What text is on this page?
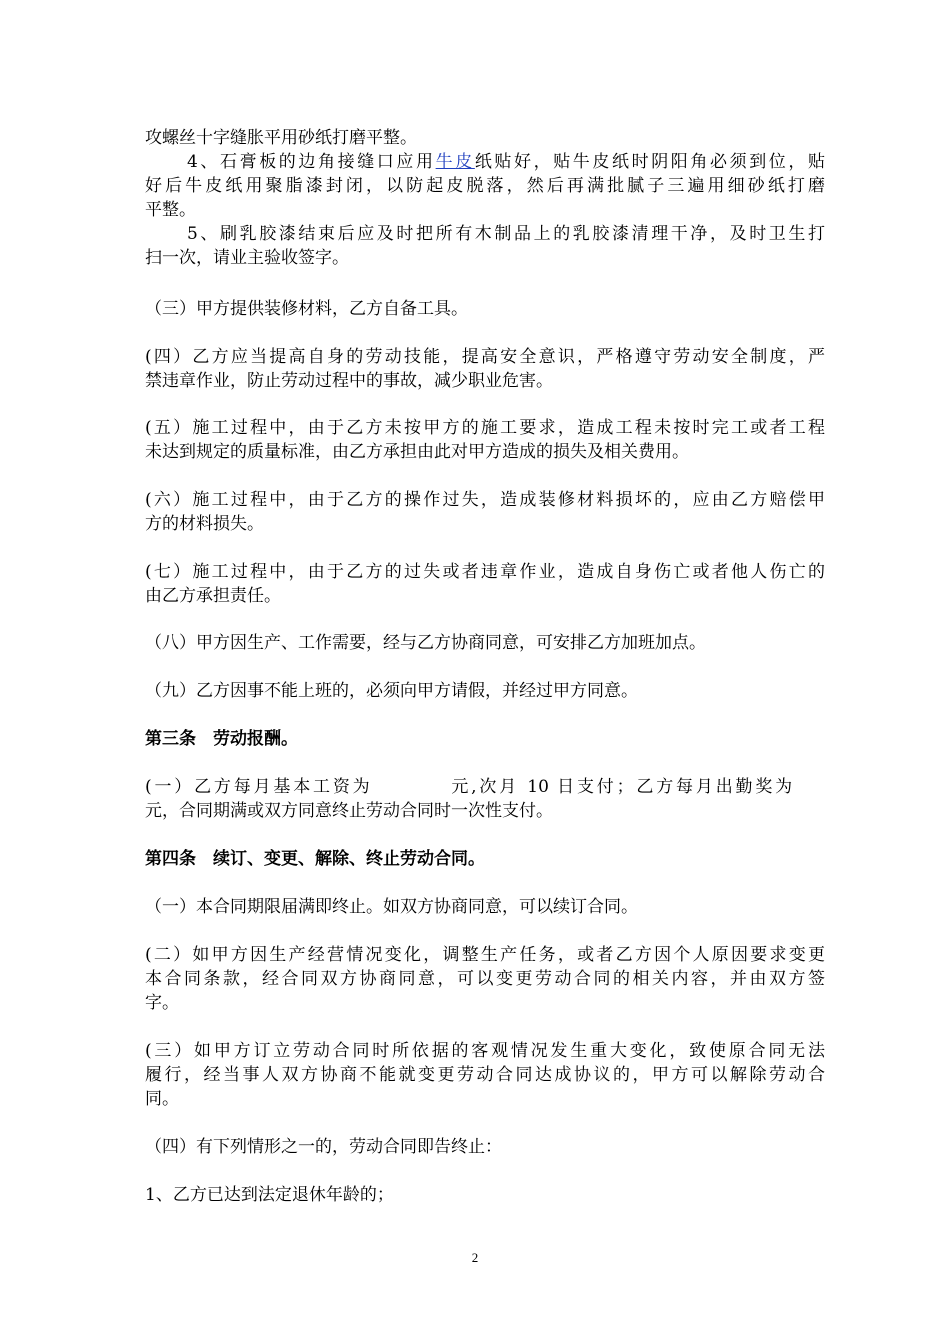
攻螺丝十字缝胀平用砂纸打磨平整。
4、石膏板的边角接缝口应用牛皮纸贴好，贴牛皮纸时阴阳角必须到位，贴
好后牛皮纸用聚脂漆封闭，以防起皮脱落，然后再满批腻子三遍用细砂纸打磨
平整。
5、刷乳胶漆结束后应及时把所有木制品上的乳胶漆清理干净，及时卫生打
扫一次，请业主验收签字。
（三）甲方提供装修材料，乙方自备工具。
(四）乙方应当提高自身的劳动技能，提高安全意识，严格遵守劳动安全制度，严
禁违章作业，防止劳动过程中的事故，减少职业危害。
(五）施工过程中，由于乙方未按甲方的施工要求，造成工程未按时完工或者工程
未达到规定的质量标准，由乙方承担由此对甲方造成的损失及相关费用。
(六）施工过程中，由于乙方的操作过失，造成装修材料损坏的，应由乙方赔偿甲
方的材料损失。
(七）施工过程中，由于乙方的过失或者违章作业，造成自身伤亡或者他人伤亡的
由乙方承担责任。
（八）甲方因生产、工作需要，经与乙方协商同意，可安排乙方加班加点。
（九）乙方因事不能上班的，必须向甲方请假，并经过甲方同意。
第三条　劳动报酬。
(一）乙方每月基本工资为	元,次月 10 日支付；乙方每月出勤奖为
元，合同期满或双方同意终止劳动合同时一次性支付。
第四条　续订、变更、解除、终止劳动合同。
（一）本合同期限届满即终止。如双方协商同意，可以续订合同。
(二）如甲方因生产经营情况变化，调整生产任务，或者乙方因个人原因要求变更
本合同条款，经合同双方协商同意，可以变更劳动合同的相关内容，并由双方签
字。
(三）如甲方订立劳动合同时所依据的客观情况发生重大变化，致使原合同无法
履行，经当事人双方协商不能就变更劳动合同达成协议的，甲方可以解除劳动合
同。
（四）有下列情形之一的，劳动合同即告终止：
1、乙方已达到法定退休年龄的；
2
